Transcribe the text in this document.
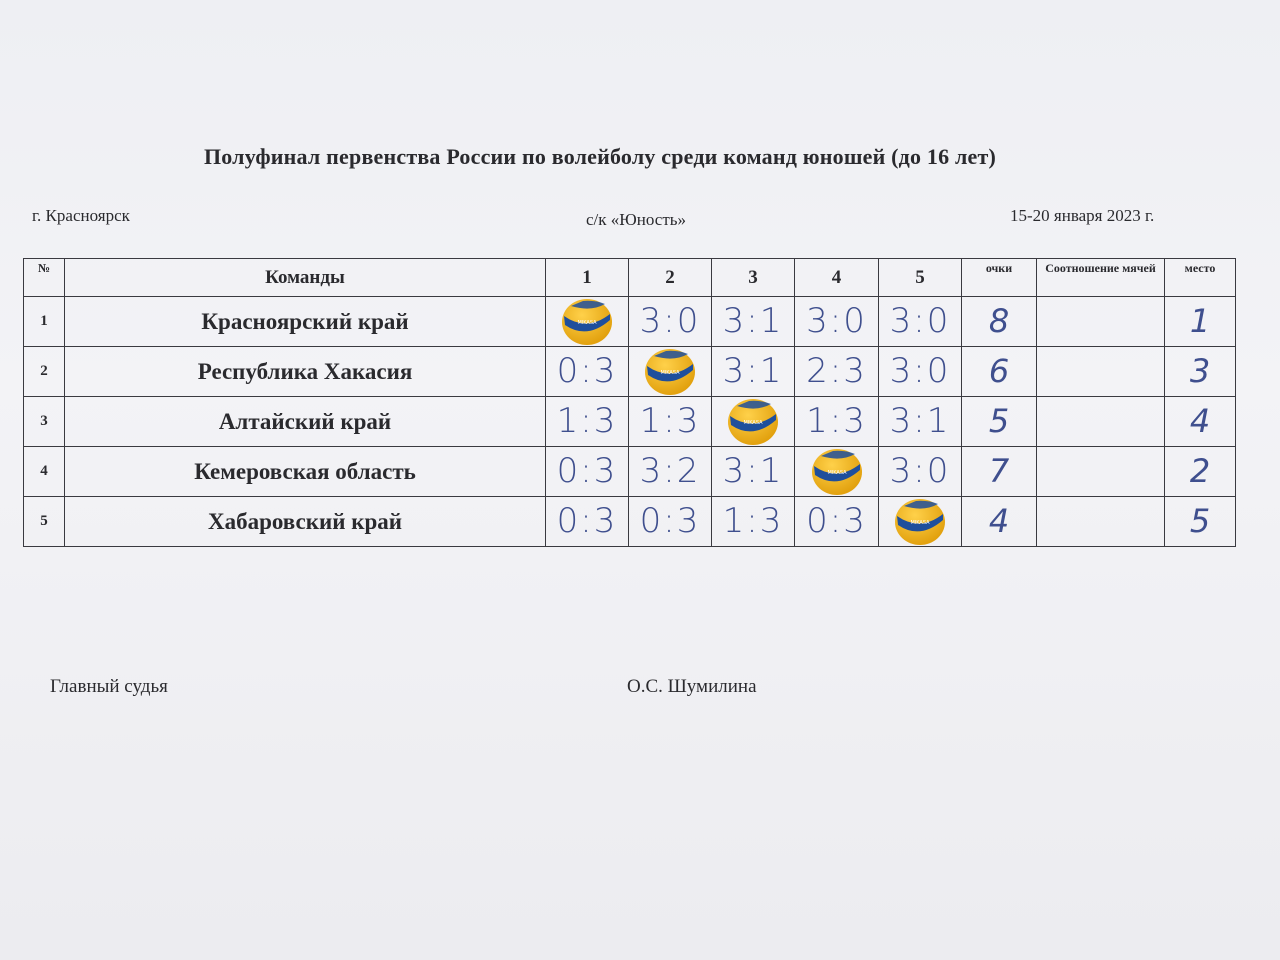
Полуфинал первенства России по волейболу среди команд юношей (до 16 лет)
г. Красноярск	с/к «Юность»	15-20 января 2023 г.
№	Команды	1	2	3	4	5	очки	Соотношение мячей	место
1	Красноярский край	MIKASA	3:0	3:1	3:0	3:0	8		1
2	Республика Хакасия	0:3	MIKASA	3:1	2:3	3:0	6		3
3	Алтайский край	1:3	1:3	MIKASA	1:3	3:1	5		4
4	Кемеровская область	0:3	3:2	3:1	MIKASA	3:0	7		2
5	Хабаровский край	0:3	0:3	1:3	0:3	MIKASA	4		5
Главный судья	О.С. Шумилина
